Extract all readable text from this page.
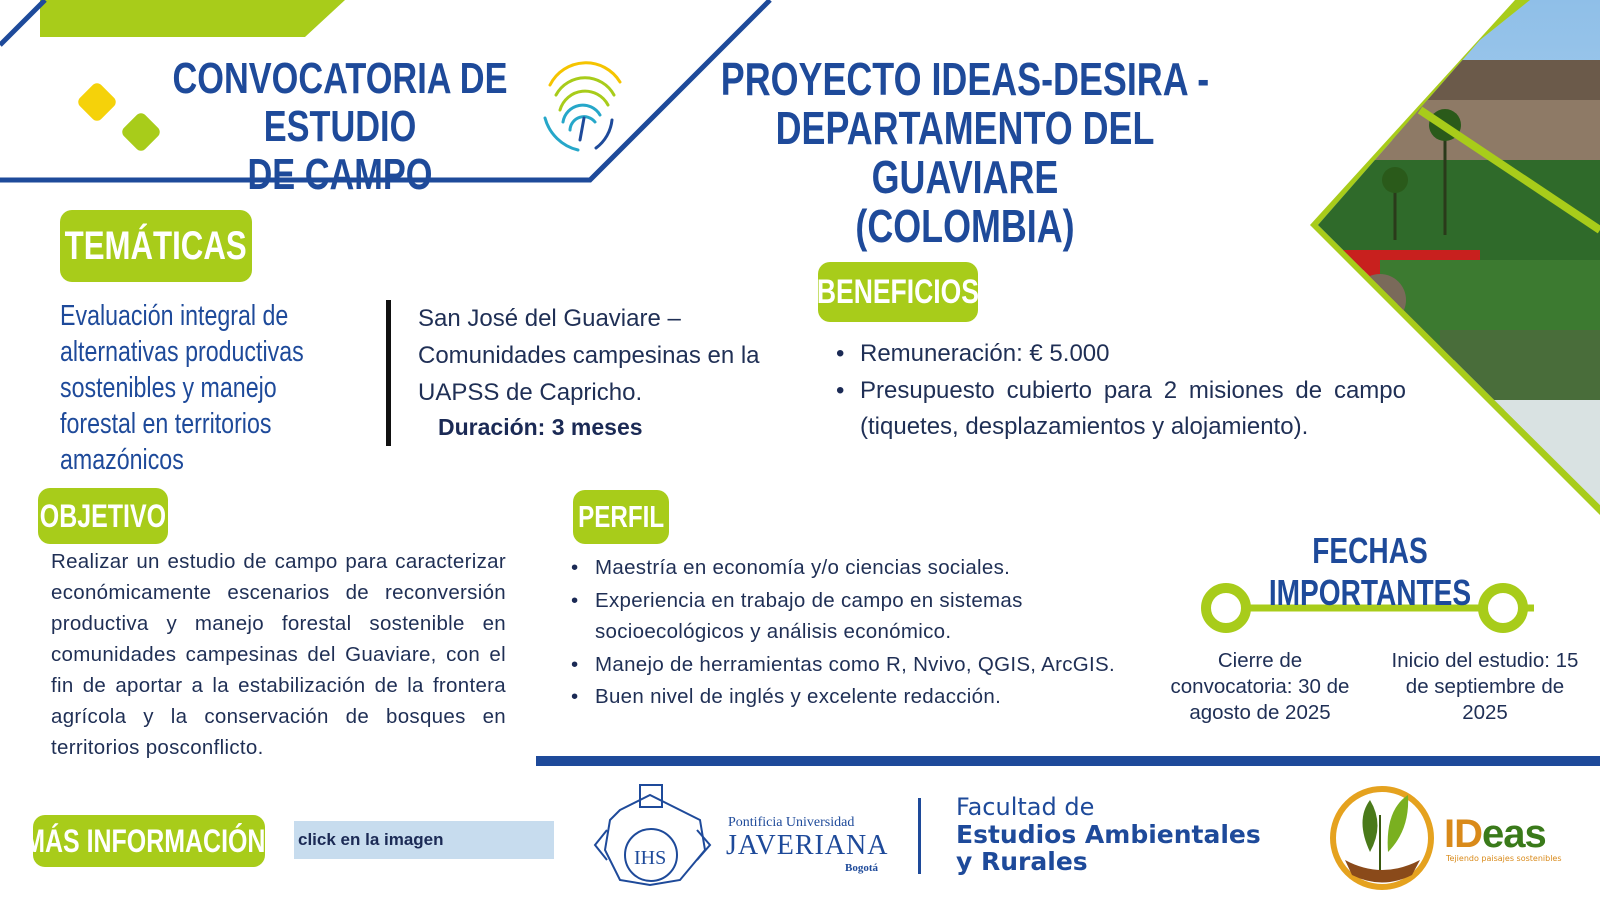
IHS
CONVOCATORIA DE ESTUDIO
DE CAMPO
PROYECTO IDEAS-DESIRA -
DEPARTAMENTO DEL GUAVIARE
(COLOMBIA)
TEMÁTICAS
Evaluación integral de alternativas productivas sostenibles y manejo forestal en territorios amazónicos
San José del Guaviare – Comunidades campesinas en la UAPSS de Capricho.
Duración: 3 meses
BENEFICIOS
• Remuneración: € 5.000
• Presupuesto cubierto para 2 misiones de campo (tiquetes, desplazamientos y alojamiento).
OBJETIVO
Realizar un estudio de campo para caracterizar económicamente escenarios de reconversión productiva y manejo forestal sostenible en comunidades campesinas del Guaviare, con el fin de aportar a la estabilización de la frontera agrícola y la conservación de bosques en territorios posconflicto.
PERFIL
• Maestría en economía y/o ciencias sociales.
• Experiencia en trabajo de campo en sistemas socioecológicos y análisis económico.
• Manejo de herramientas como R, Nvivo, QGIS, ArcGIS.
• Buen nivel de inglés y excelente redacción.
FECHAS IMPORTANTES
Cierre de convocatoria: 30 de agosto de 2025
Inicio del estudio: 15 de septiembre de 2025
MÁS INFORMACIÓN: click en la imagen
Pontificia Universidad
JAVERIANA
Bogotá
Facultad de
Estudios Ambientales
y Rurales
IDeas
Tejiendo paisajes sostenibles
